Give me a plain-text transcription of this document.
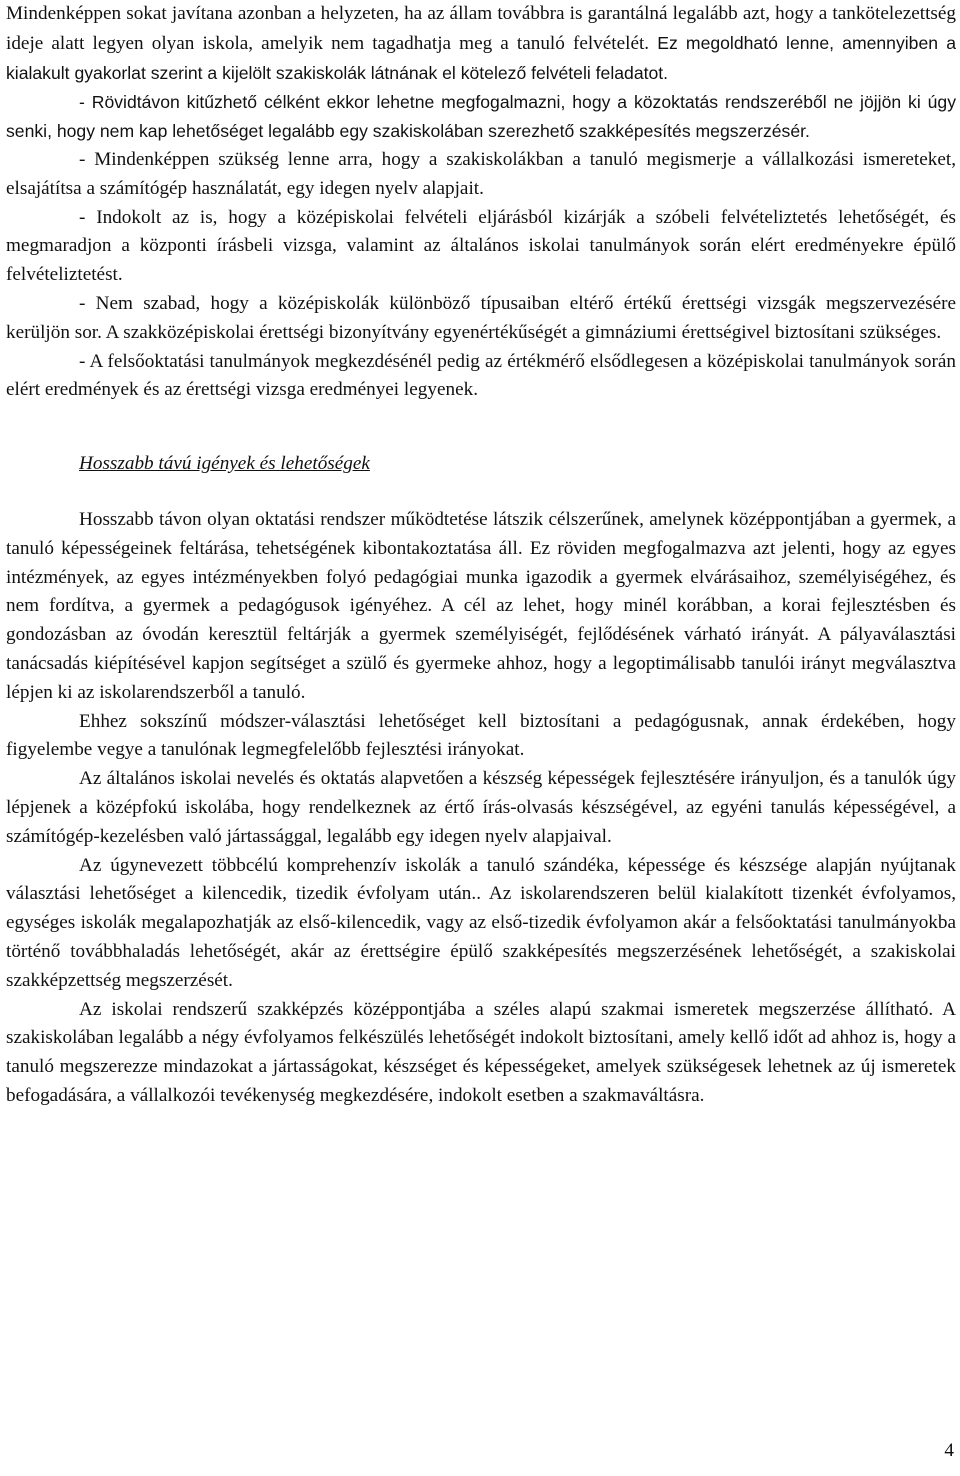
Mindenképpen sokat javítana azonban a helyzeten, ha az állam továbbra is garantálná legalább azt, hogy a tankötelezettség ideje alatt legyen olyan iskola, amelyik nem tagadhatja meg a tanuló felvételét. Ez megoldható lenne, amennyiben a kialakult gyakorlat szerint a kijelölt szakiskolák látnának el kötelező felvételi feladatot.

- Rövidtávon kitűzhető célként ekkor lehetne megfogalmazni, hogy a közoktatás rendszeréből ne jöjjön ki úgy senki, hogy nem kap lehetőséget legalább egy szakiskolában szerezhető szakképesítés megszerzésér.

- Mindenképpen szükség lenne arra, hogy a szakiskolákban a tanuló megismerje a vállalkozási ismereteket, elsajátítsa a számítógép használatát, egy idegen nyelv alapjait.

- Indokolt az is, hogy a középiskolai felvételi eljárásból kizárják a szóbeli felvételiztetés lehetőségét, és megmaradjon a központi írásbeli vizsga, valamint az általános iskolai tanulmányok során elért eredményekre épülő felvételiztetést.

- Nem szabad, hogy a középiskolák különböző típusaiban eltérő értékű érettségi vizsgák megszervezésére kerüljön sor. A szakközépiskolai érettségi bizonyítvány egyenértékűségét a gimnáziumi érettségivel biztosítani szükséges.

- A felsőoktatási tanulmányok megkezdésénél pedig az értékmérő elsődlegesen a középiskolai tanulmányok során elért eredmények és az érettségi vizsga eredményei legyenek.

Hosszabb távú igények és lehetőségek

Hosszabb távon olyan oktatási rendszer működtetése látszik célszerűnek, amelynek középpontjában a gyermek, a tanuló képességeinek feltárása, tehetségének kibontakoztatása áll. Ez röviden megfogalmazva azt jelenti, hogy az egyes intézmények, az egyes intézményekben folyó pedagógiai munka igazodik a gyermek elvárásaihoz, személyiségéhez, és nem fordítva, a gyermek a pedagógusok igényéhez. A cél az lehet, hogy minél korábban, a korai fejlesztésben és gondozásban az óvodán keresztül feltárják a gyermek személyiségét, fejlődésének várható irányát. A pályaválasztási tanácsadás kiépítésével kapjon segítséget a szülő és gyermeke ahhoz, hogy a legoptimálisabb tanulói irányt megválasztva lépjen ki az iskolarendszerből a tanuló.

Ehhez sokszínű módszer-választási lehetőséget kell biztosítani a pedagógusnak, annak érdekében, hogy figyelembe vegye a tanulónak legmegfelelőbb fejlesztési irányokat.

Az általános iskolai nevelés és oktatás alapvetően a készség képességek fejlesztésére irányuljon, és a tanulók úgy lépjenek a középfokú iskolába, hogy rendelkeznek az értő írás-olvasás készségével, az egyéni tanulás képességével, a számítógép-kezelésben való jártassággal, legalább egy idegen nyelv alapjaival.

Az úgynevezett többcélú komprehenzív iskolák a tanuló szándéka, képessége és készsége alapján nyújtanak választási lehetőséget a kilencedik, tizedik évfolyam után.. Az iskolarendszeren belül kialakított tizenkét évfolyamos, egységes iskolák megalapozhatják az első-kilencedik, vagy az első-tizedik évfolyamon akár a felsőoktatási tanulmányokba történő továbbhaladás lehetőségét, akár az érettségire épülő szakképesítés megszerzésének lehetőségét, a szakiskolai szakképzettség megszerzését.

Az iskolai rendszerű szakképzés középpontjába a széles alapú szakmai ismeretek megszerzése állítható. A szakiskolában legalább a négy évfolyamos felkészülés lehetőségét indokolt biztosítani, amely kellő időt ad ahhoz is, hogy a tanuló megszerezze mindazokat a jártasságokat, készséget és képességeket, amelyek szükségesek lehetnek az új ismeretek befogadására, a vállalkozói tevékenység megkezdésére, indokolt esetben a szakmaváltásra.

4
